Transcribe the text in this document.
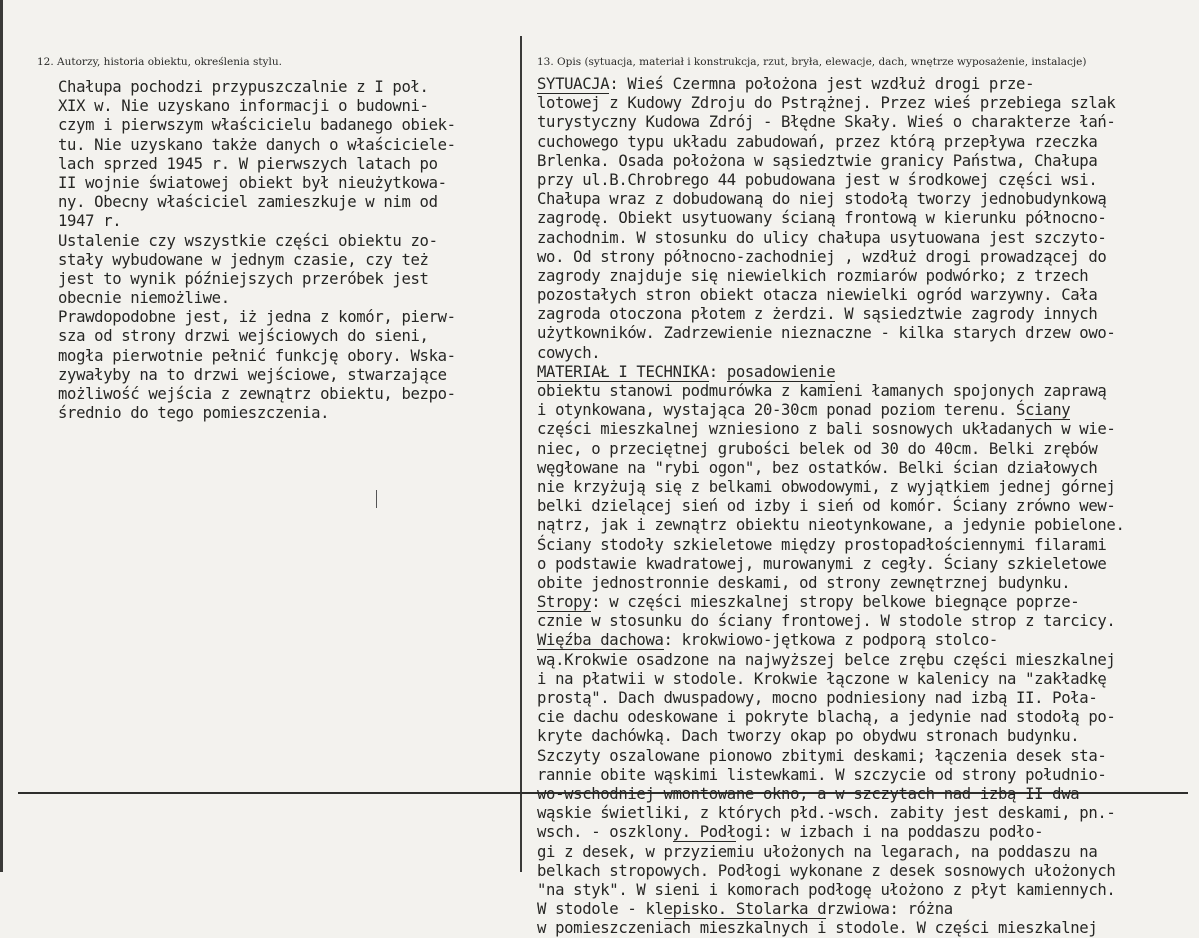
12. Autorzy, historia obiektu, określenia stylu.	13. Opis (sytuacja, materiał i konstrukcja, rzut, bryła, elewacje, dach, wnętrze wyposażenie, instalacje)
Chałupa pochodzi przypuszczalnie z I poł.
XIX w. Nie uzyskano informacji o budowni-
czym i pierwszym właścicielu badanego obiek-
tu. Nie uzyskano także danych o właściciele-
lach sprzed 1945 r. W pierwszych latach po
II wojnie światowej obiekt był nieużytkowa-
ny. Obecny właściciel zamieszkuje w nim od
1947 r.
Ustalenie czy wszystkie części obiektu zo-
stały wybudowane w jednym czasie, czy też
jest to wynik późniejszych przeróbek jest
obecnie niemożliwe.
Prawdopodobne jest, iż jedna z komór, pierw-
sza od strony drzwi wejściowych do sieni,
mogła pierwotnie pełnić funkcję obory. Wska-
zywałyby na to drzwi wejściowe, stwarzające
możliwość wejścia z zewnątrz obiektu, bezpo-
średnio do tego pomieszczenia.
SYTUACJA: Wieś Czermna położona jest wzdłuż drogi prze-
lotowej z Kudowy Zdroju do Pstrążnej. Przez wieś przebiega szlak
turystyczny Kudowa Zdrój - Błędne Skały. Wieś o charakterze łań-
cuchowego typu układu zabudowań, przez którą przepływa rzeczka
Brlenka. Osada położona w sąsiedztwie granicy Państwa, Chałupa
przy ul.B.Chrobrego 44 pobudowana jest w środkowej części wsi.
Chałupa wraz z dobudowaną do niej stodołą tworzy jednobudynkową
zagrodę. Obiekt usytuowany ścianą frontową w kierunku północno-
zachodnim. W stosunku do ulicy chałupa usytuowana jest szczyto-
wo. Od strony północno-zachodniej , wzdłuż drogi prowadzącej do
zagrody znajduje się niewielkich rozmiarów podwórko; z trzech
pozostałych stron obiekt otacza niewielki ogród warzywny. Cała
zagroda otoczona płotem z żerdzi. W sąsiedztwie zagrody innych
użytkowników. Zadrzewienie nieznaczne - kilka starych drzew owo-
cowych.
MATERIAŁ I TECHNIKA: posadowienie
obiektu stanowi podmurówka z kamieni łamanych spojonych zaprawą
i otynkowana, wystająca 20-30cm ponad poziom terenu. Ściany
części mieszkalnej wzniesiono z bali sosnowych układanych w wie-
niec, o przeciętnej grubości belek od 30 do 40cm. Belki zrębów
węgłowane na "rybi ogon", bez ostatków. Belki ścian działowych
nie krzyżują się z belkami obwodowymi, z wyjątkiem jednej górnej
belki dzielącej sień od izby i sień od komór. Ściany zrówno wew-
nątrz, jak i zewnątrz obiektu nieotynkowane, a jedynie pobielone.
Ściany stodoły szkieletowe między prostopadłościennymi filarami
o podstawie kwadratowej, murowanymi z cegły. Ściany szkieletowe
obite jednostronnie deskami, od strony zewnętrznej budynku.
Stropy: w części mieszkalnej stropy belkowe biegnące poprze-
cznie w stosunku do ściany frontowej. W stodole strop z tarcicy.
Więźba dachowa: krokwiowo-jętkowa z podporą stolco-
wą.Krokwie osadzone na najwyższej belce zrębu części mieszkalnej
i na płatwii w stodole. Krokwie łączone w kalenicy na "zakładkę
prostą". Dach dwuspadowy, mocno podniesiony nad izbą II. Poła-
cie dachu odeskowane i pokryte blachą, a jedynie nad stodołą po-
kryte dachówką. Dach tworzy okap po obydwu stronach budynku.
Szczyty oszalowane pionowo zbitymi deskami; łączenia desek sta-
rannie obite wąskimi listewkami. W szczycie od strony południo-
wo-wschodniej wmontowane okno, a w szczytach nad izbą II dwa
wąskie świetliki, z których płd.-wsch. zabity jest deskami, pn.-
wsch. - oszklony. Podłogi: w izbach i na poddaszu podło-
gi z desek, w przyziemiu ułożonych na legarach, na poddaszu na
belkach stropowych. Podłogi wykonane z desek sosnowych ułożonych
"na styk". W sieni i komorach podłogę ułożono z płyt kamiennych.
W stodole - klepisko. Stolarka drzwiowa: różna
w pomieszczeniach mieszkalnych i stodole. W części mieszkalnej
